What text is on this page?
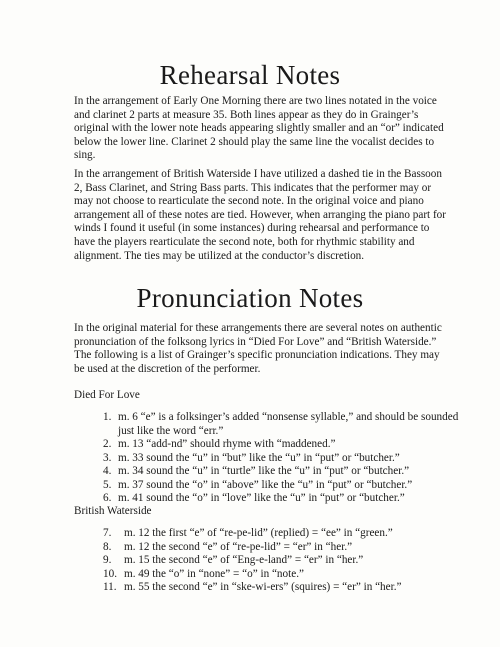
Rehearsal Notes

In the arrangement of Early One Morning there are two lines notated in the voice and clarinet 2 parts at measure 35. Both lines appear as they do in Grainger’s original with the lower note heads appearing slightly smaller and an “or” indicated below the lower line. Clarinet 2 should play the same line the vocalist decides to sing.

In the arrangement of British Waterside I have utilized a dashed tie in the Bassoon 2, Bass Clarinet, and String Bass parts. This indicates that the performer may or may not choose to rearticulate the second note. In the original voice and piano arrangement all of these notes are tied. However, when arranging the piano part for winds I found it useful (in some instances) during rehearsal and performance to have the players rearticulate the second note, both for rhythmic stability and alignment. The ties may be utilized at the conductor’s discretion.

Pronunciation Notes

In the original material for these arrangements there are several notes on authentic pronunciation of the folksong lyrics in “Died For Love” and “British Waterside.” The following is a list of Grainger’s specific pronunciation indications. They may be used at the discretion of the performer.

Died For Love
1. m. 6 “e” is a folksinger’s added “nonsense syllable,” and should be sounded just like the word “err.”
2. m. 13 “add-nd” should rhyme with “maddened.”
3. m. 33 sound the “u” in “but” like the “u” in “put” or “butcher.”
4. m. 34 sound the “u” in “turtle” like the “u” in “put” or “butcher.”
5. m. 37 sound the “o” in “above” like the “u” in “put” or “butcher.”
6. m. 41 sound the “o” in “love” like the “u” in “put” or “butcher.”
British Waterside
7. m. 12 the first “e” of “re-pe-lid” (replied) = “ee” in “green.”
8. m. 12 the second “e” of “re-pe-lid” = “er” in “her.”
9. m. 15 the second “e” of “Eng-e-land” = “er” in “her.”
10. m. 49 the “o” in “none” = “o” in “note.”
11. m. 55 the second “e” in “ske-wi-ers” (squires) = “er” in “her.”
